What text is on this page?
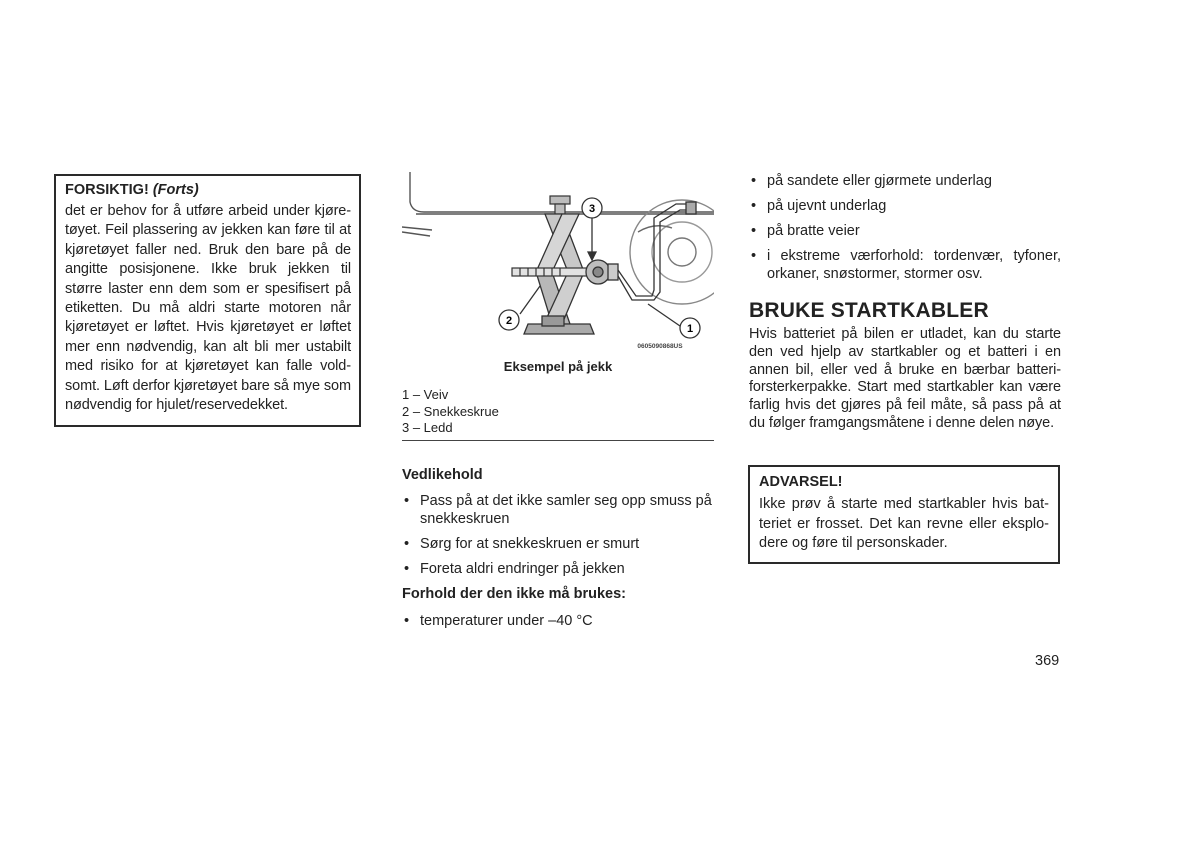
FORSIKTIG! (Forts)

det er behov for å utføre arbeid under kjøre-tøyet. Feil plassering av jekken kan føre til at kjøretøyet faller ned. Bruk den bare på de angitte posisjonene. Ikke bruk jekken til større laster enn dem som er spesifisert på etiketten. Du må aldri starte motoren når kjøretøyet er løftet. Hvis kjøretøyet er løftet mer enn nødvendig, kan alt bli mer ustabilt med risiko for at kjøretøyet kan falle vold-somt. Løft derfor kjøretøyet bare så mye som nødvendig for hjulet/reservedekket.

3
2
1
0605090868US
Eksempel på jekk
1 – Veiv
2 – Snekkeskrue
3 – Ledd
Vedlikehold
• Pass på at det ikke samler seg opp smuss på snekkeskruen
• Sørg for at snekkeskruen er smurt
• Foreta aldri endringer på jekken
Forhold der den ikke må brukes:
• temperaturer under –40 °C
• på sandete eller gjørmete underlag
• på ujevnt underlag
• på bratte veier
• i ekstreme værforhold: tordenvær, tyfoner, orkaner, snøstormer, stormer osv.
BRUKE STARTKABLER

Hvis batteriet på bilen er utladet, kan du starte den ved hjelp av startkabler og et batteri i en annen bil, eller ved å bruke en bærbar batteri-forsterkerpakke. Start med startkabler kan være farlig hvis det gjøres på feil måte, så pass på at du følger framgangsmåtene i denne delen nøye.

ADVARSEL!

Ikke prøv å starte med startkabler hvis bat-teriet er frosset. Det kan revne eller eksplo-dere og føre til personskader.

369
